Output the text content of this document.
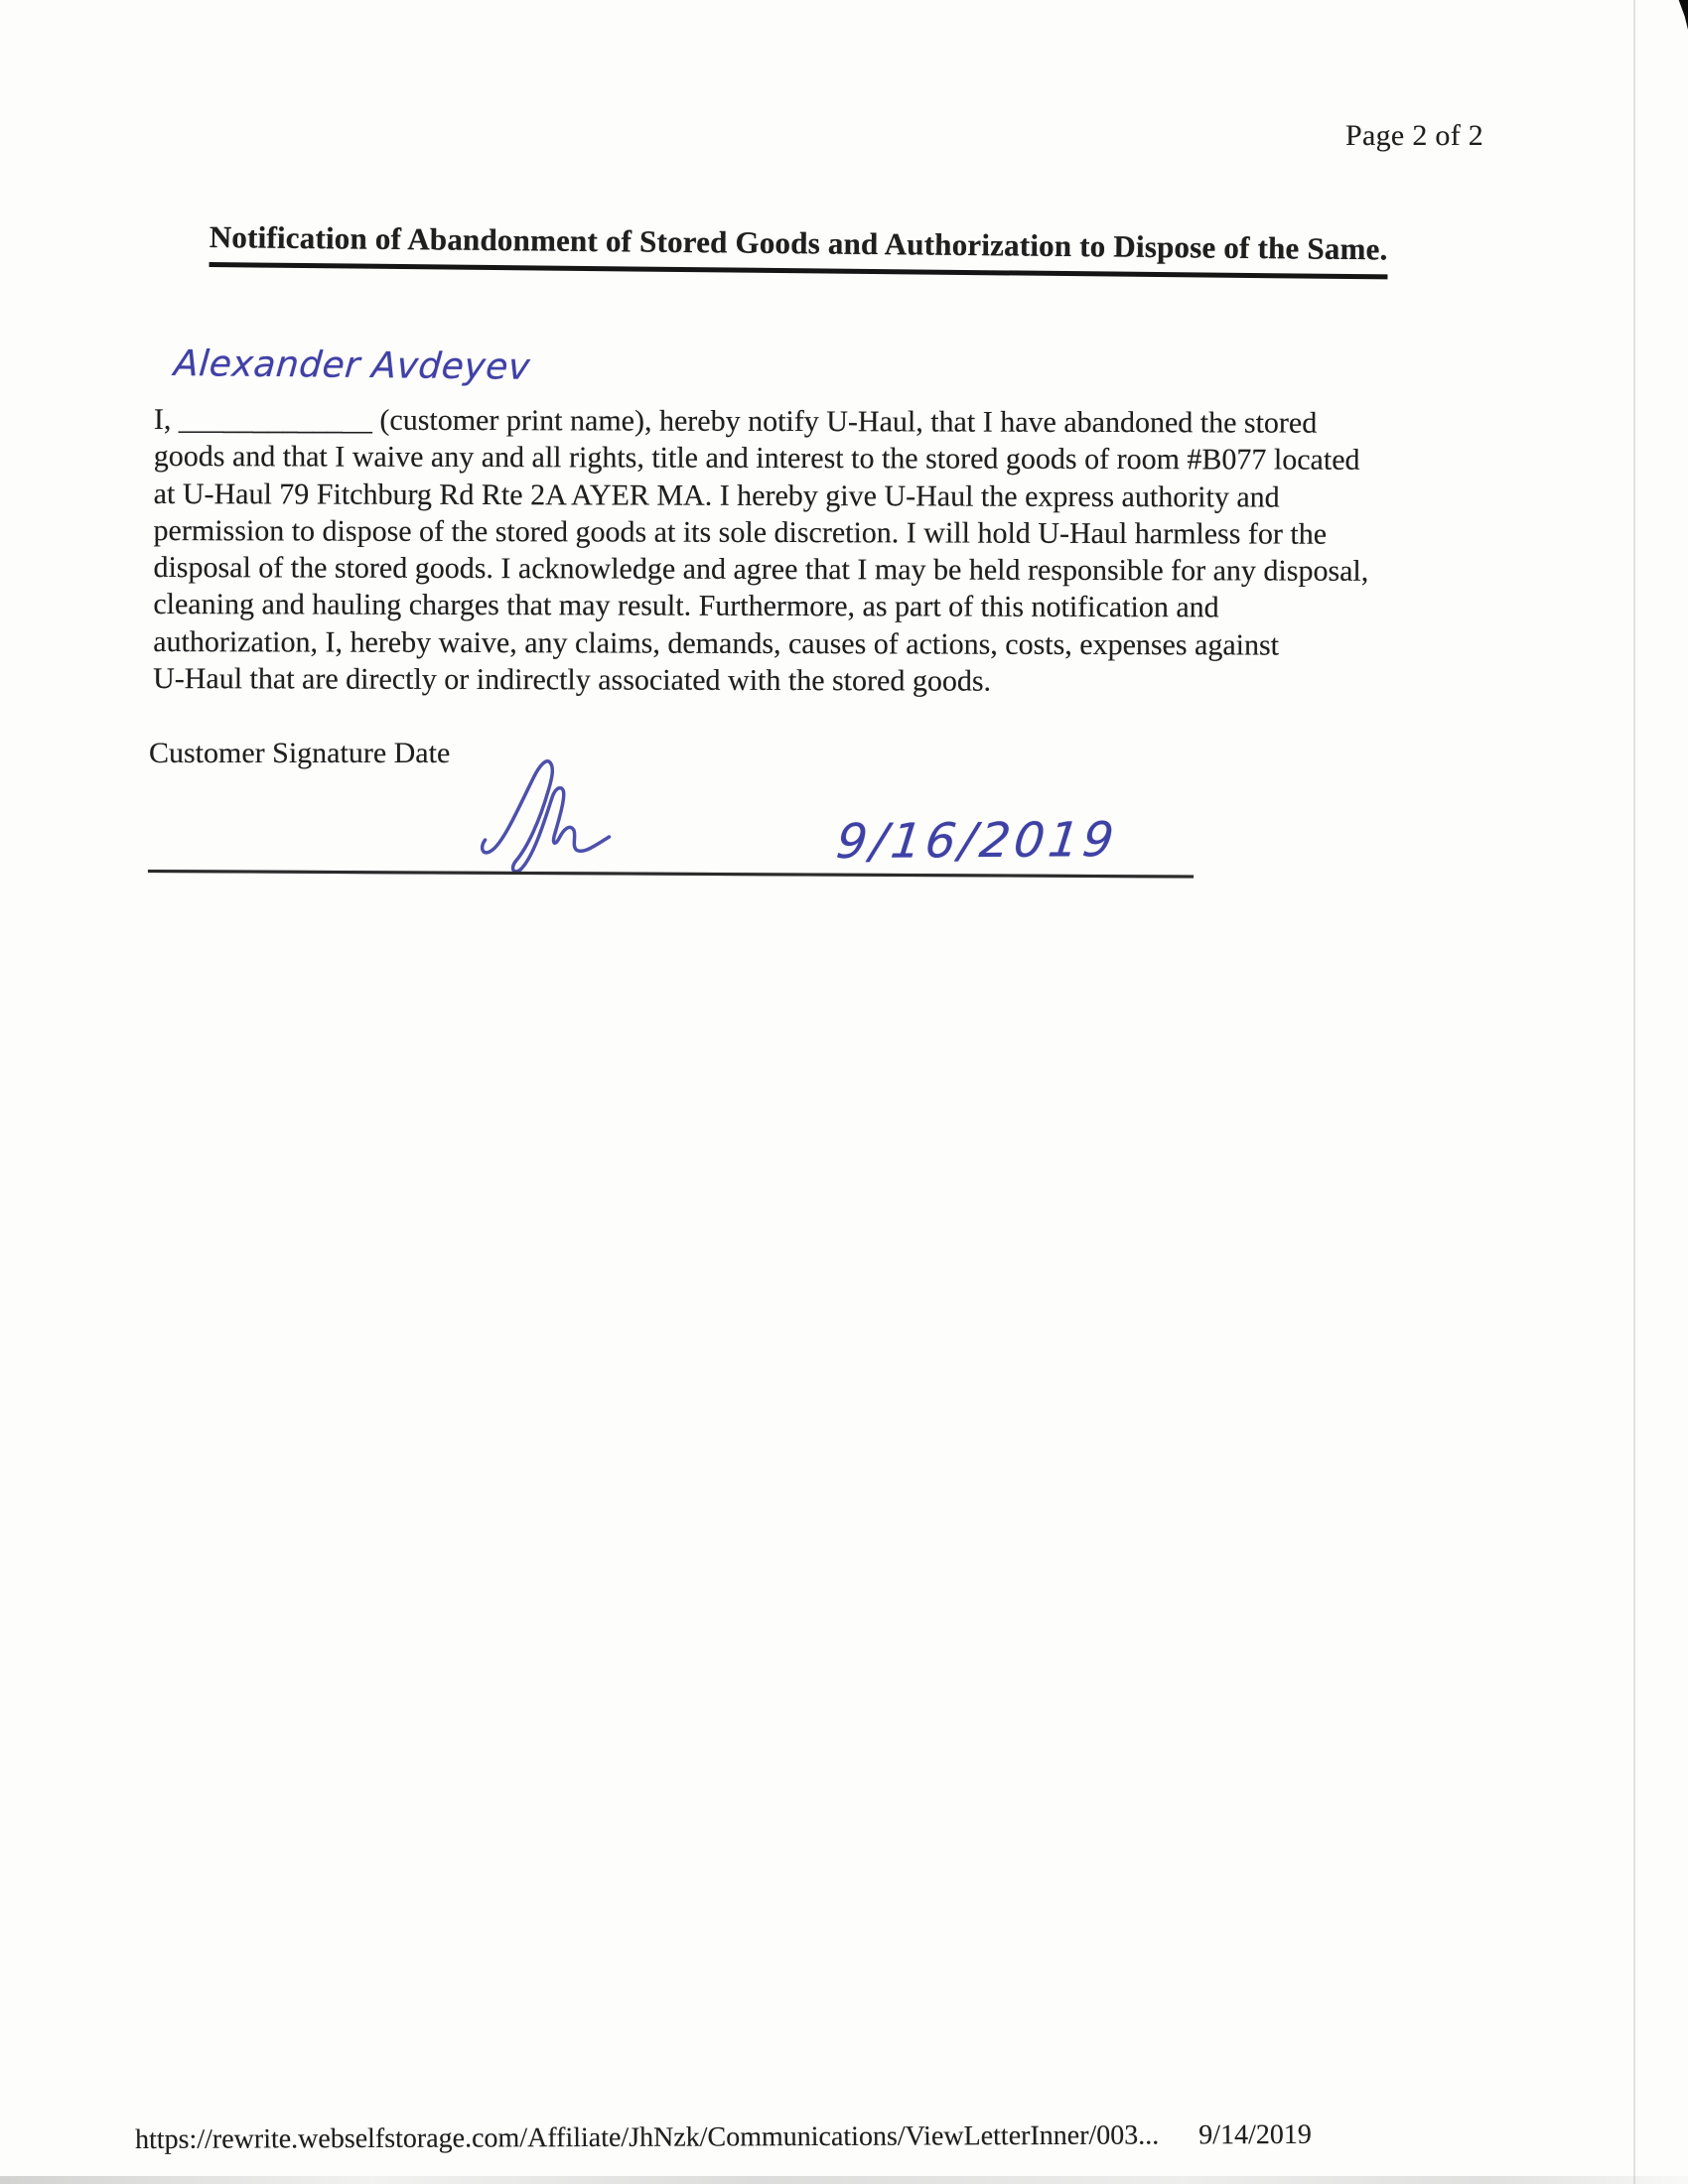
Page 2 of 2
Notification of Abandonment of Stored Goods and Authorization to Dispose of the Same.
Alexander Avdeyev
I, _____________ (customer print name), hereby notify U-Haul, that I have abandoned the stored
goods and that I waive any and all rights, title and interest to the stored goods of room #B077 located
at U-Haul 79 Fitchburg Rd Rte 2A AYER MA. I hereby give U-Haul the express authority and
permission to dispose of the stored goods at its sole discretion. I will hold U-Haul harmless for the
disposal of the stored goods. I acknowledge and agree that I may be held responsible for any disposal,
cleaning and hauling charges that may result. Furthermore, as part of this notification and
authorization, I, hereby waive, any claims, demands, causes of actions, costs, expenses against
U-Haul that are directly or indirectly associated with the stored goods.
Customer Signature Date
9/16/2019
https://rewrite.webselfstorage.com/Affiliate/JhNzk/Communications/ViewLetterInner/003... 9/14/2019
